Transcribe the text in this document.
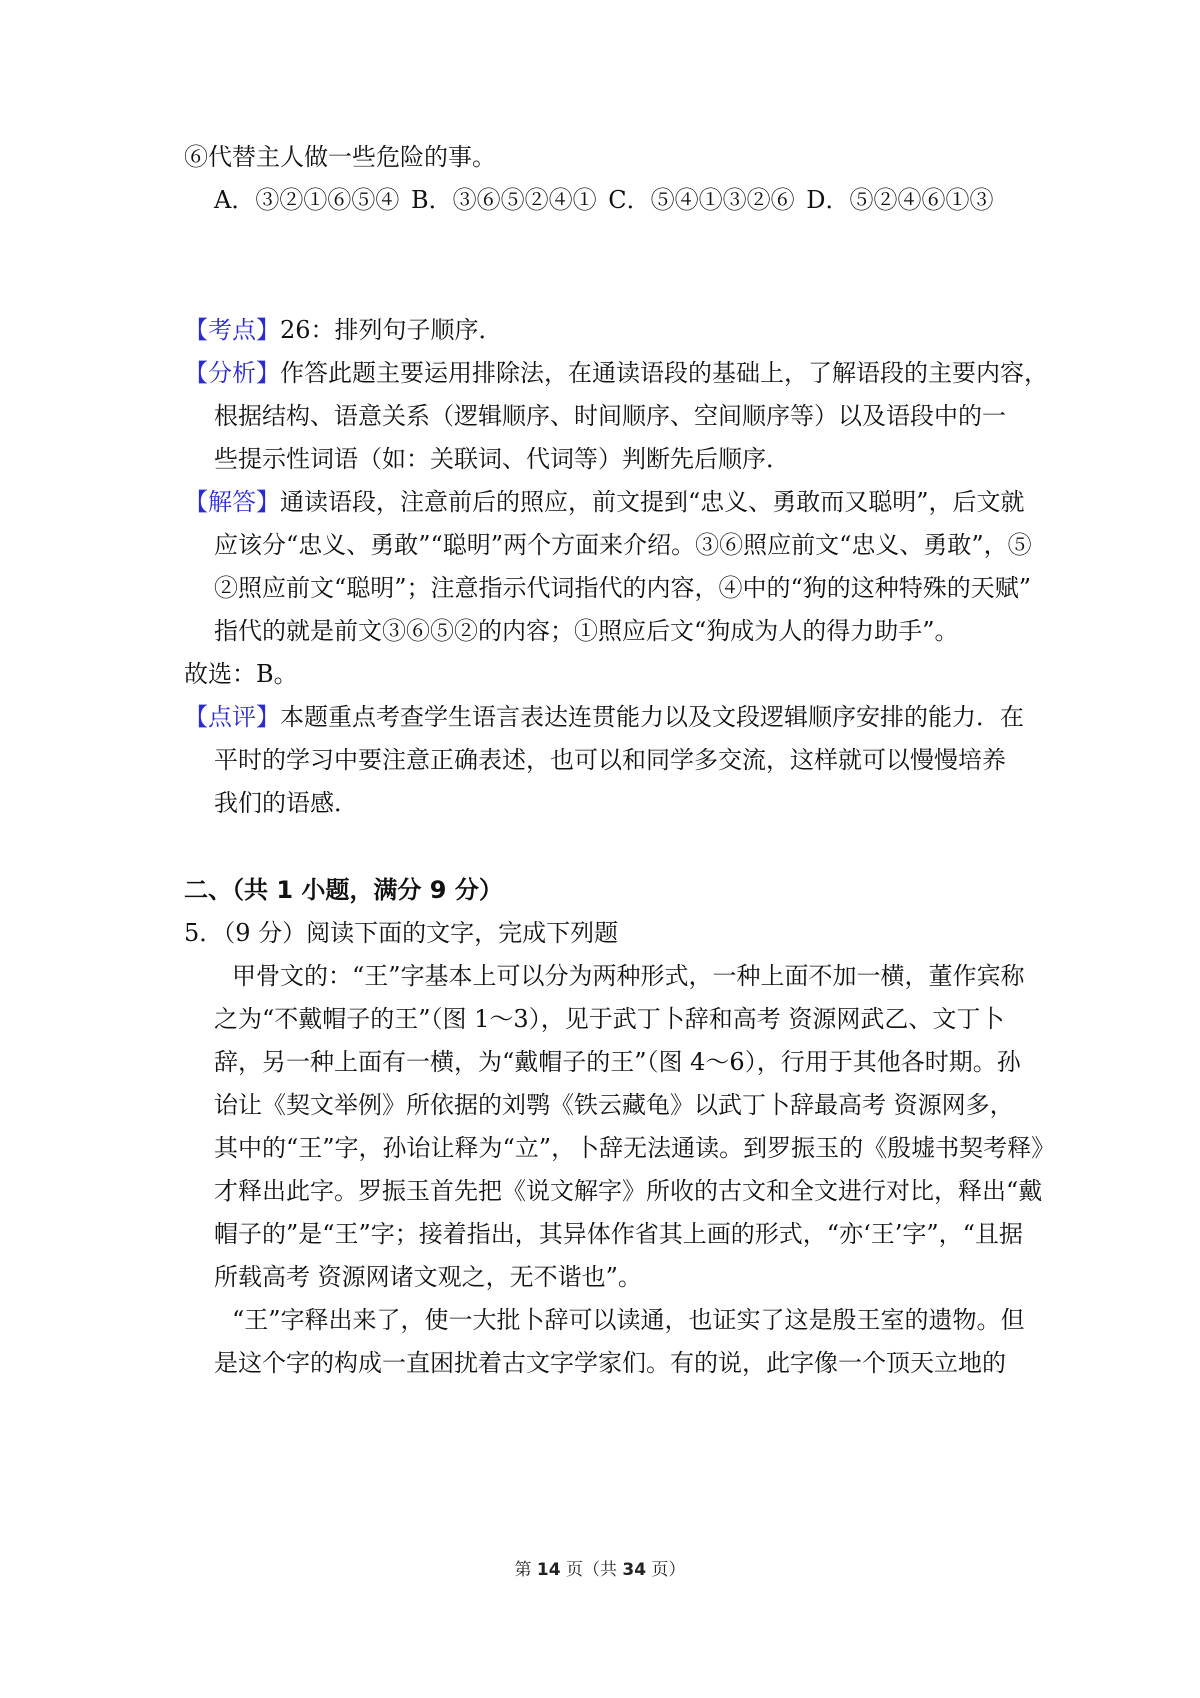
⑥代替主人做一些危险的事。
A．③②①⑥⑤④ B．③⑥⑤②④① C．⑤④①③②⑥ D．⑤②④⑥①③
【考点】26：排列句子顺序．
【分析】作答此题主要运用排除法，在通读语段的基础上，了解语段的主要内容，
根据结构、语意关系（逻辑顺序、时间顺序、空间顺序等）以及语段中的一
些提示性词语（如：关联词、代词等）判断先后顺序．
【解答】通读语段，注意前后的照应，前文提到“忠义、勇敢而又聪明”，后文就
应该分“忠义、勇敢”“聪明”两个方面来介绍。③⑥照应前文“忠义、勇敢”，⑤
②照应前文“聪明”；注意指示代词指代的内容，④中的“狗的这种特殊的天赋”
指代的就是前文③⑥⑤②的内容；①照应后文“狗成为人的得力助手”。
故选：B。
【点评】本题重点考查学生语言表达连贯能力以及文段逻辑顺序安排的能力．在
平时的学习中要注意正确表述，也可以和同学多交流，这样就可以慢慢培养
我们的语感．
二、（共 1 小题，满分 9 分）
5．（9 分）阅读下面的文字，完成下列题
甲骨文的：“王”字基本上可以分为两种形式，一种上面不加一横，董作宾称
之为“不戴帽子的王”（图 1～3），见于武丁卜辞和高考 资源网武乙、文丁卜
辞，另一种上面有一横，为“戴帽子的王”（图 4～6），行用于其他各时期。孙
诒让《契文举例》所依据的刘鹗《铁云藏龟》以武丁卜辞最高考 资源网多，
其中的“王”字，孙诒让释为“立”，卜辞无法通读。到罗振玉的《殷墟书契考释》
才释出此字。罗振玉首先把《说文解字》所收的古文和全文进行对比，释出“戴
帽子的”是“王”字；接着指出，其异体作省其上画的形式，“亦‘王’字”，“且据
所载高考 资源网诸文观之，无不谐也”。
“王”字释出来了，使一大批卜辞可以读通，也证实了这是殷王室的遗物。但
是这个字的构成一直困扰着古文字学家们。有的说，此字像一个顶天立地的
第 14 页（共 34 页）
